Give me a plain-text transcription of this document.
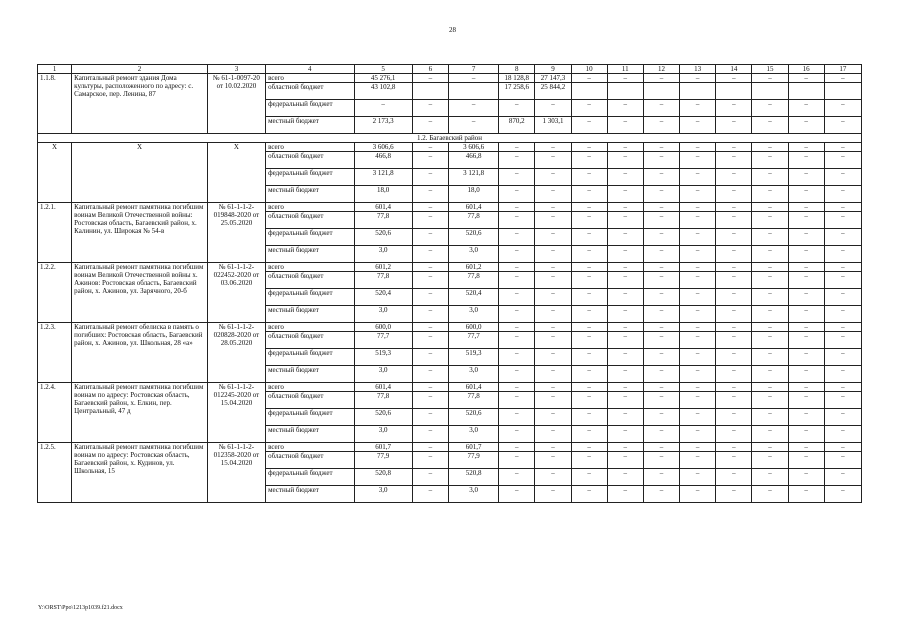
28
1	2	3	4	5	6	7	8	9	10	11	12	13	14	15	16	17
1.1.8.	Капитальный ремонт здания Дома культуры, расположенного по адресу: с. Самарское, пер. Ленина, 87	№ 61-1-0097-20 от 10.02.2020	всего	45 276,1	–	–	18 128,8	27 147,3	–	–	–	–	–	–	–	–
			областной бюджет	43 102,8			17 258,6	25 844,2								
			федеральный бюджет	–	–	–	–	–	–	–	–	–	–	–	–	–
			местный бюджет	2 173,3	–	–	870,2	1 303,1	–	–	–	–	–	–	–	–
1.2. Багаевский район																
Х	Х	Х	всего	3 606,6	–	3 606,6	–	–	–	–	–	–	–	–	–	–
			областной бюджет	466,8	–	466,8	–	–	–	–	–	–	–	–	–	–
			федеральный бюджет	3 121,8	–	3 121,8	–	–	–	–	–	–	–	–	–	–
			местный бюджет	18,0	–	18,0	–	–	–	–	–	–	–	–	–	–
1.2.1.	Капитальный ремонт памятника погибшим воинам Великой Отечественной войны: Ростовская область, Багаевский район, х. Калинин, ул. Широкая № 54-в	№ 61-1-1-2-019848-2020 от 25.05.2020	всего	601,4	–	601,4	–	–	–	–	–	–	–	–	–	–
			областной бюджет	77,8	–	77,8	–	–	–	–	–	–	–	–	–	–
			федеральный бюджет	520,6	–	520,6	–	–	–	–	–	–	–	–	–	–
			местный бюджет	3,0	–	3,0	–	–	–	–	–	–	–	–	–	–
1.2.2.	Капитальный ремонт памятника погибшим воинам Великой Отечественной войны х. Ажинов: Ростовская область, Багаевский район, х. Ажинов, ул. Зарячного, 20-б	№ 61-1-1-2-022452-2020 от 03.06.2020	всего	601,2	–	601,2	–	–	–	–	–	–	–	–	–	–
			областной бюджет	77,8	–	77,8	–	–	–	–	–	–	–	–	–	–
			федеральный бюджет	520,4	–	520,4	–	–	–	–	–	–	–	–	–	–
			местный бюджет	3,0	–	3,0	–	–	–	–	–	–	–	–	–	–
1.2.3.	Капитальный ремонт обелиска в память о погибших: Ростовская область, Багаевский район, х. Ажинов, ул. Школьная, 28 «а»	№ 61-1-1-2-020828-2020 от 28.05.2020	всего	600,0	–	600,0	–	–	–	–	–	–	–	–	–	–
			областной бюджет	77,7	–	77,7	–	–	–	–	–	–	–	–	–	–
			федеральный бюджет	519,3	–	519,3	–	–	–	–	–	–	–	–	–	–
			местный бюджет	3,0	–	3,0	–	–	–	–	–	–	–	–	–	–
1.2.4.	Капитальный ремонт памятника погибшим воинам по адресу: Ростовская область, Багаевский район, х. Елкин, пер. Центральный, 47 д	№ 61-1-1-2-012245-2020 от 15.04.2020	всего	601,4	–	601,4	–	–	–	–	–	–	–	–	–	–
			областной бюджет	77,8	–	77,8	–	–	–	–	–	–	–	–	–	–
			федеральный бюджет	520,6	–	520,6	–	–	–	–	–	–	–	–	–	–
			местный бюджет	3,0	–	3,0	–	–	–	–	–	–	–	–	–	–
1.2.5.	Капитальный ремонт памятника погибшим воинам по адресу: Ростовская область, Багаевский район, х. Кудинов, ул. Школьная, 15	№ 61-1-1-2-012358-2020 от 15.04.2020	всего	601,7	–	601,7	–	–	–	–	–	–	–	–	–	–
			областной бюджет	77,9	–	77,9	–	–	–	–	–	–	–	–	–	–
			федеральный бюджет	520,8	–	520,8	–	–	–	–	–	–	–	–	–	–
			местный бюджет	3,0	–	3,0	–	–	–	–	–	–	–	–	–	–
Y:\ORST\Ppo\1213p1039.f21.docx
